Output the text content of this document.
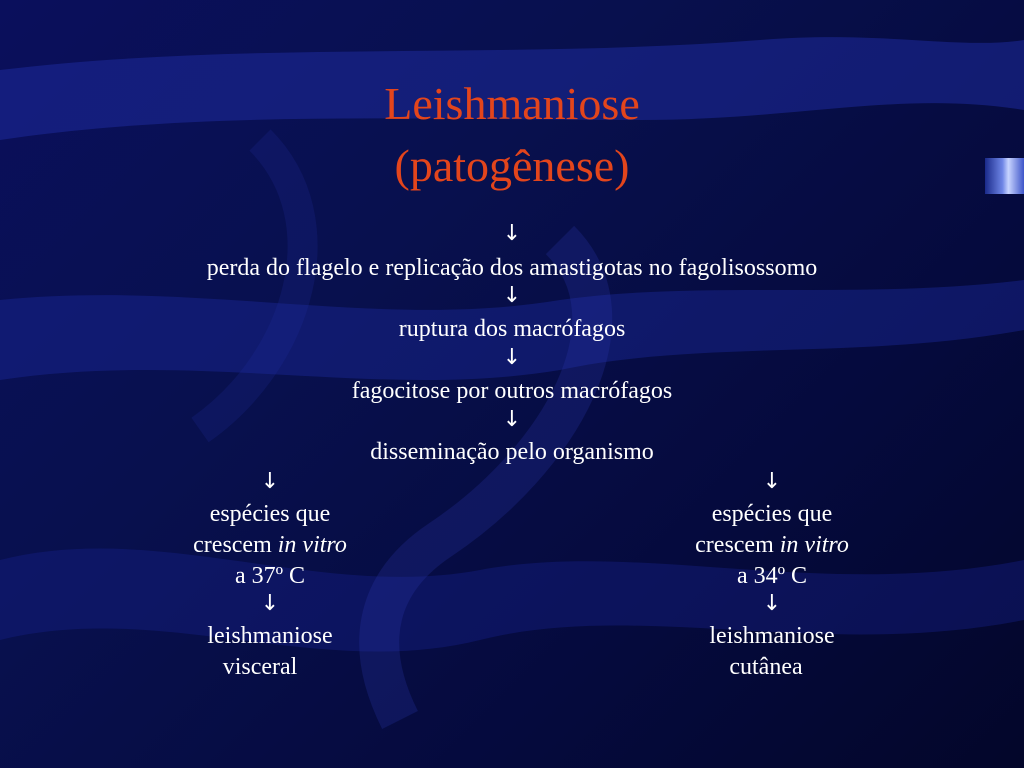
Leishmaniose
(patogênese)
↓
perda do flagelo e replicação dos amastigotas no fagolisossomo
↓
ruptura dos macrófagos
↓
fagocitose por outros macrófagos
↓
disseminação pelo organismo
↓
espécies que
crescem in vitro
a 37º C
↓
leishmaniose
visceral
↓
espécies que
crescem in vitro
a 34º C
↓
leishmaniose
cutânea
